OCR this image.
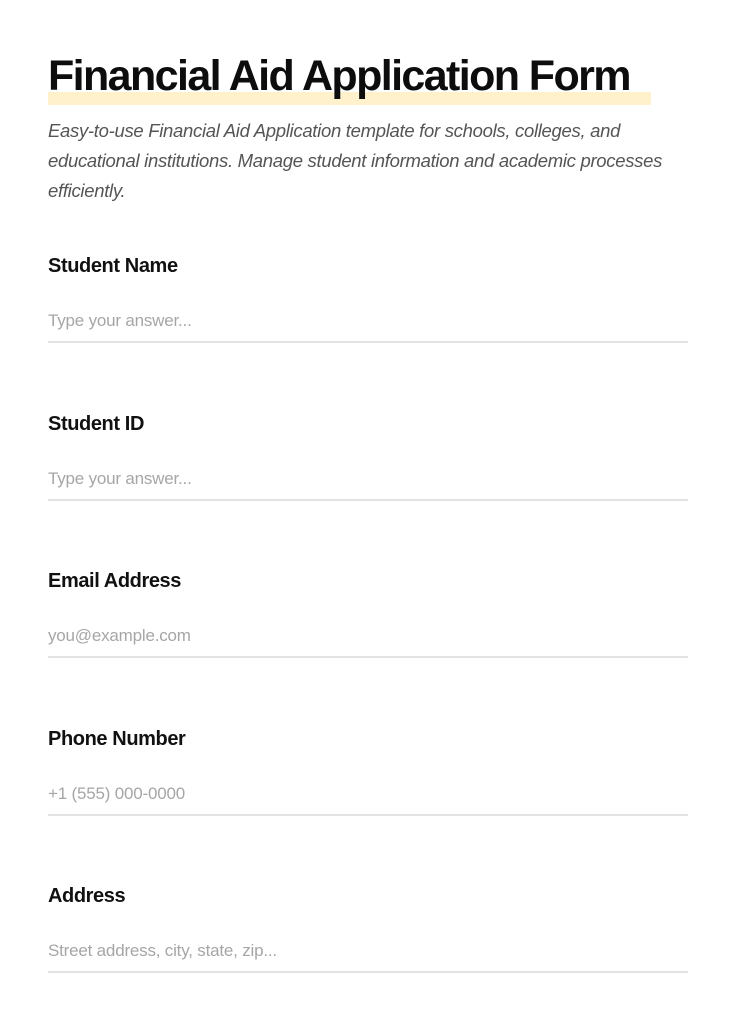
Financial Aid Application Form

Easy-to-use Financial Aid Application template for schools, colleges, and educational institutions. Manage student information and academic processes efficiently.

Student Name
Type your answer...
Student ID
Type your answer...
Email Address
you@example.com
Phone Number
+1 (555) 000-0000
Address
Street address, city, state, zip...
